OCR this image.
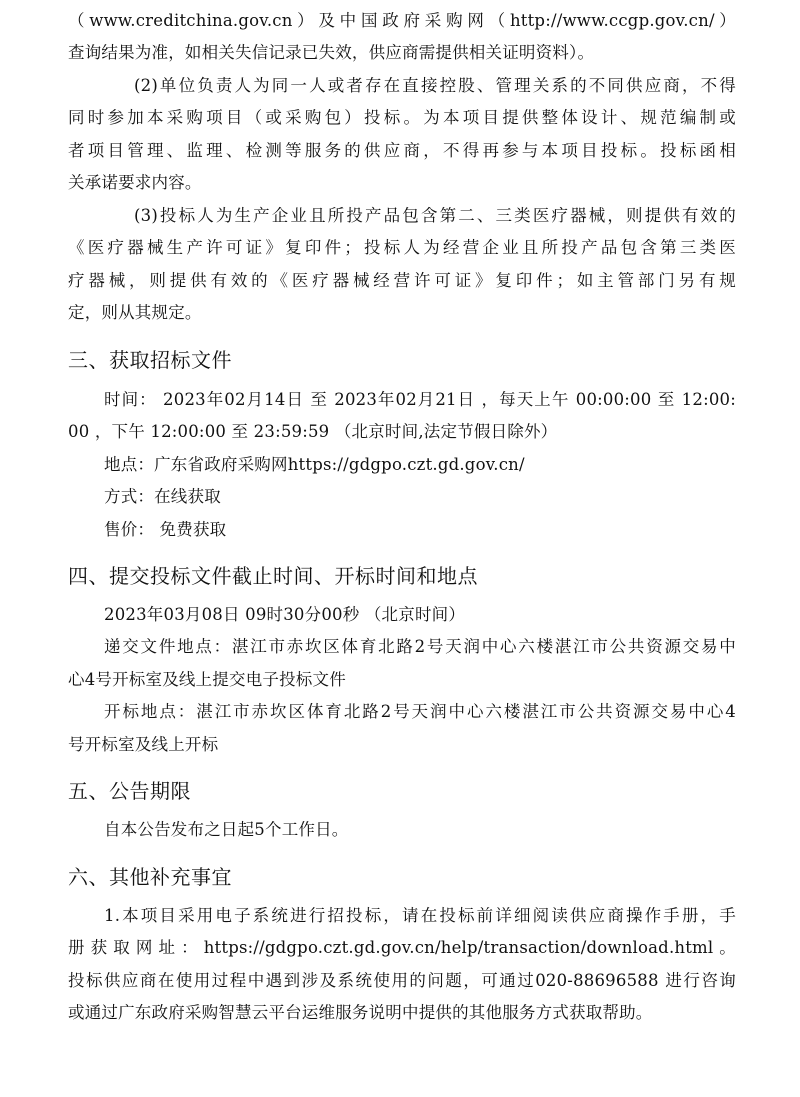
（www.creditchina.gov.cn）及中国政府采购网（http://www.ccgp.gov.cn/）
查询结果为准，如相关失信记录已失效，供应商需提供相关证明资料）。
(2)单位负责人为同一人或者存在直接控股、管理关系的不同供应商，不得
同时参加本采购项目（或采购包）投标。为本项目提供整体设计、规范编制或
者项目管理、监理、检测等服务的供应商，不得再参与本项目投标。投标函相
关承诺要求内容。
(3)投标人为生产企业且所投产品包含第二、三类医疗器械，则提供有效的
《医疗器械生产许可证》复印件；投标人为经营企业且所投产品包含第三类医
疗器械，则提供有效的《医疗器械经营许可证》复印件；如主管部门另有规
定，则从其规定。
三、获取招标文件
时间： 2023年02月14日 至 2023年02月21日 ，每天上午 00:00:00 至 12:00:
00 ，下午 12:00:00 至 23:59:59 （北京时间,法定节假日除外）
地点：广东省政府采购网https://gdgpo.czt.gd.gov.cn/
方式：在线获取
售价： 免费获取
四、提交投标文件截止时间、开标时间和地点
2023年03月08日 09时30分00秒 （北京时间）
递交文件地点：湛江市赤坎区体育北路2号天润中心六楼湛江市公共资源交易中
心4号开标室及线上提交电子投标文件
开标地点：湛江市赤坎区体育北路2号天润中心六楼湛江市公共资源交易中心4
号开标室及线上开标
五、公告期限
自本公告发布之日起5个工作日。
六、其他补充事宜
1.本项目采用电子系统进行招投标，请在投标前详细阅读供应商操作手册，手
册获取网址：https://gdgpo.czt.gd.gov.cn/help/transaction/download.html。
投标供应商在使用过程中遇到涉及系统使用的问题，可通过020-88696588 进行咨询
或通过广东政府采购智慧云平台运维服务说明中提供的其他服务方式获取帮助。
